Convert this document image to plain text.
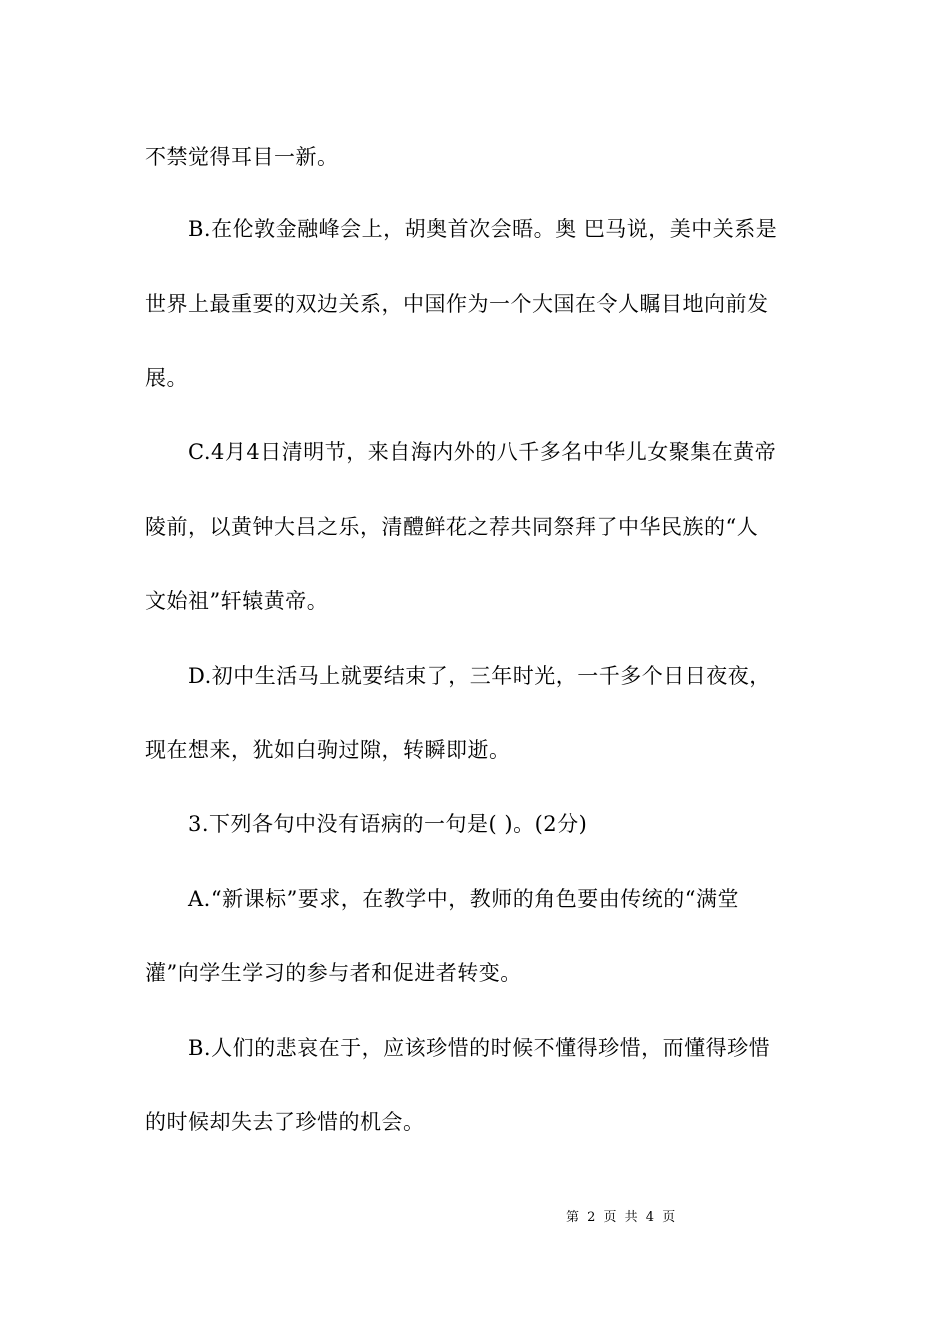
不禁觉得耳目一新。
B.在伦敦金融峰会上，胡奥首次会晤。奥 巴马说，美中关系是
世界上最重要的双边关系，中国作为一个大国在令人瞩目地向前发
展。
C.4月4日清明节，来自海内外的八千多名中华儿女聚集在黄帝
陵前，以黄钟大吕之乐，清醴鲜花之荐共同祭拜了中华民族的“人
文始祖”轩辕黄帝。
D.初中生活马上就要结束了，三年时光，一千多个日日夜夜，
现在想来，犹如白驹过隙，转瞬即逝。
3.下列各句中没有语病的一句是( )。(2分)
A.“新课标”要求，在教学中，教师的角色要由传统的“满堂
灌”向学生学习的参与者和促进者转变。
B.人们的悲哀在于，应该珍惜的时候不懂得珍惜，而懂得珍惜
的时候却失去了珍惜的机会。
第 2 页 共 4 页
